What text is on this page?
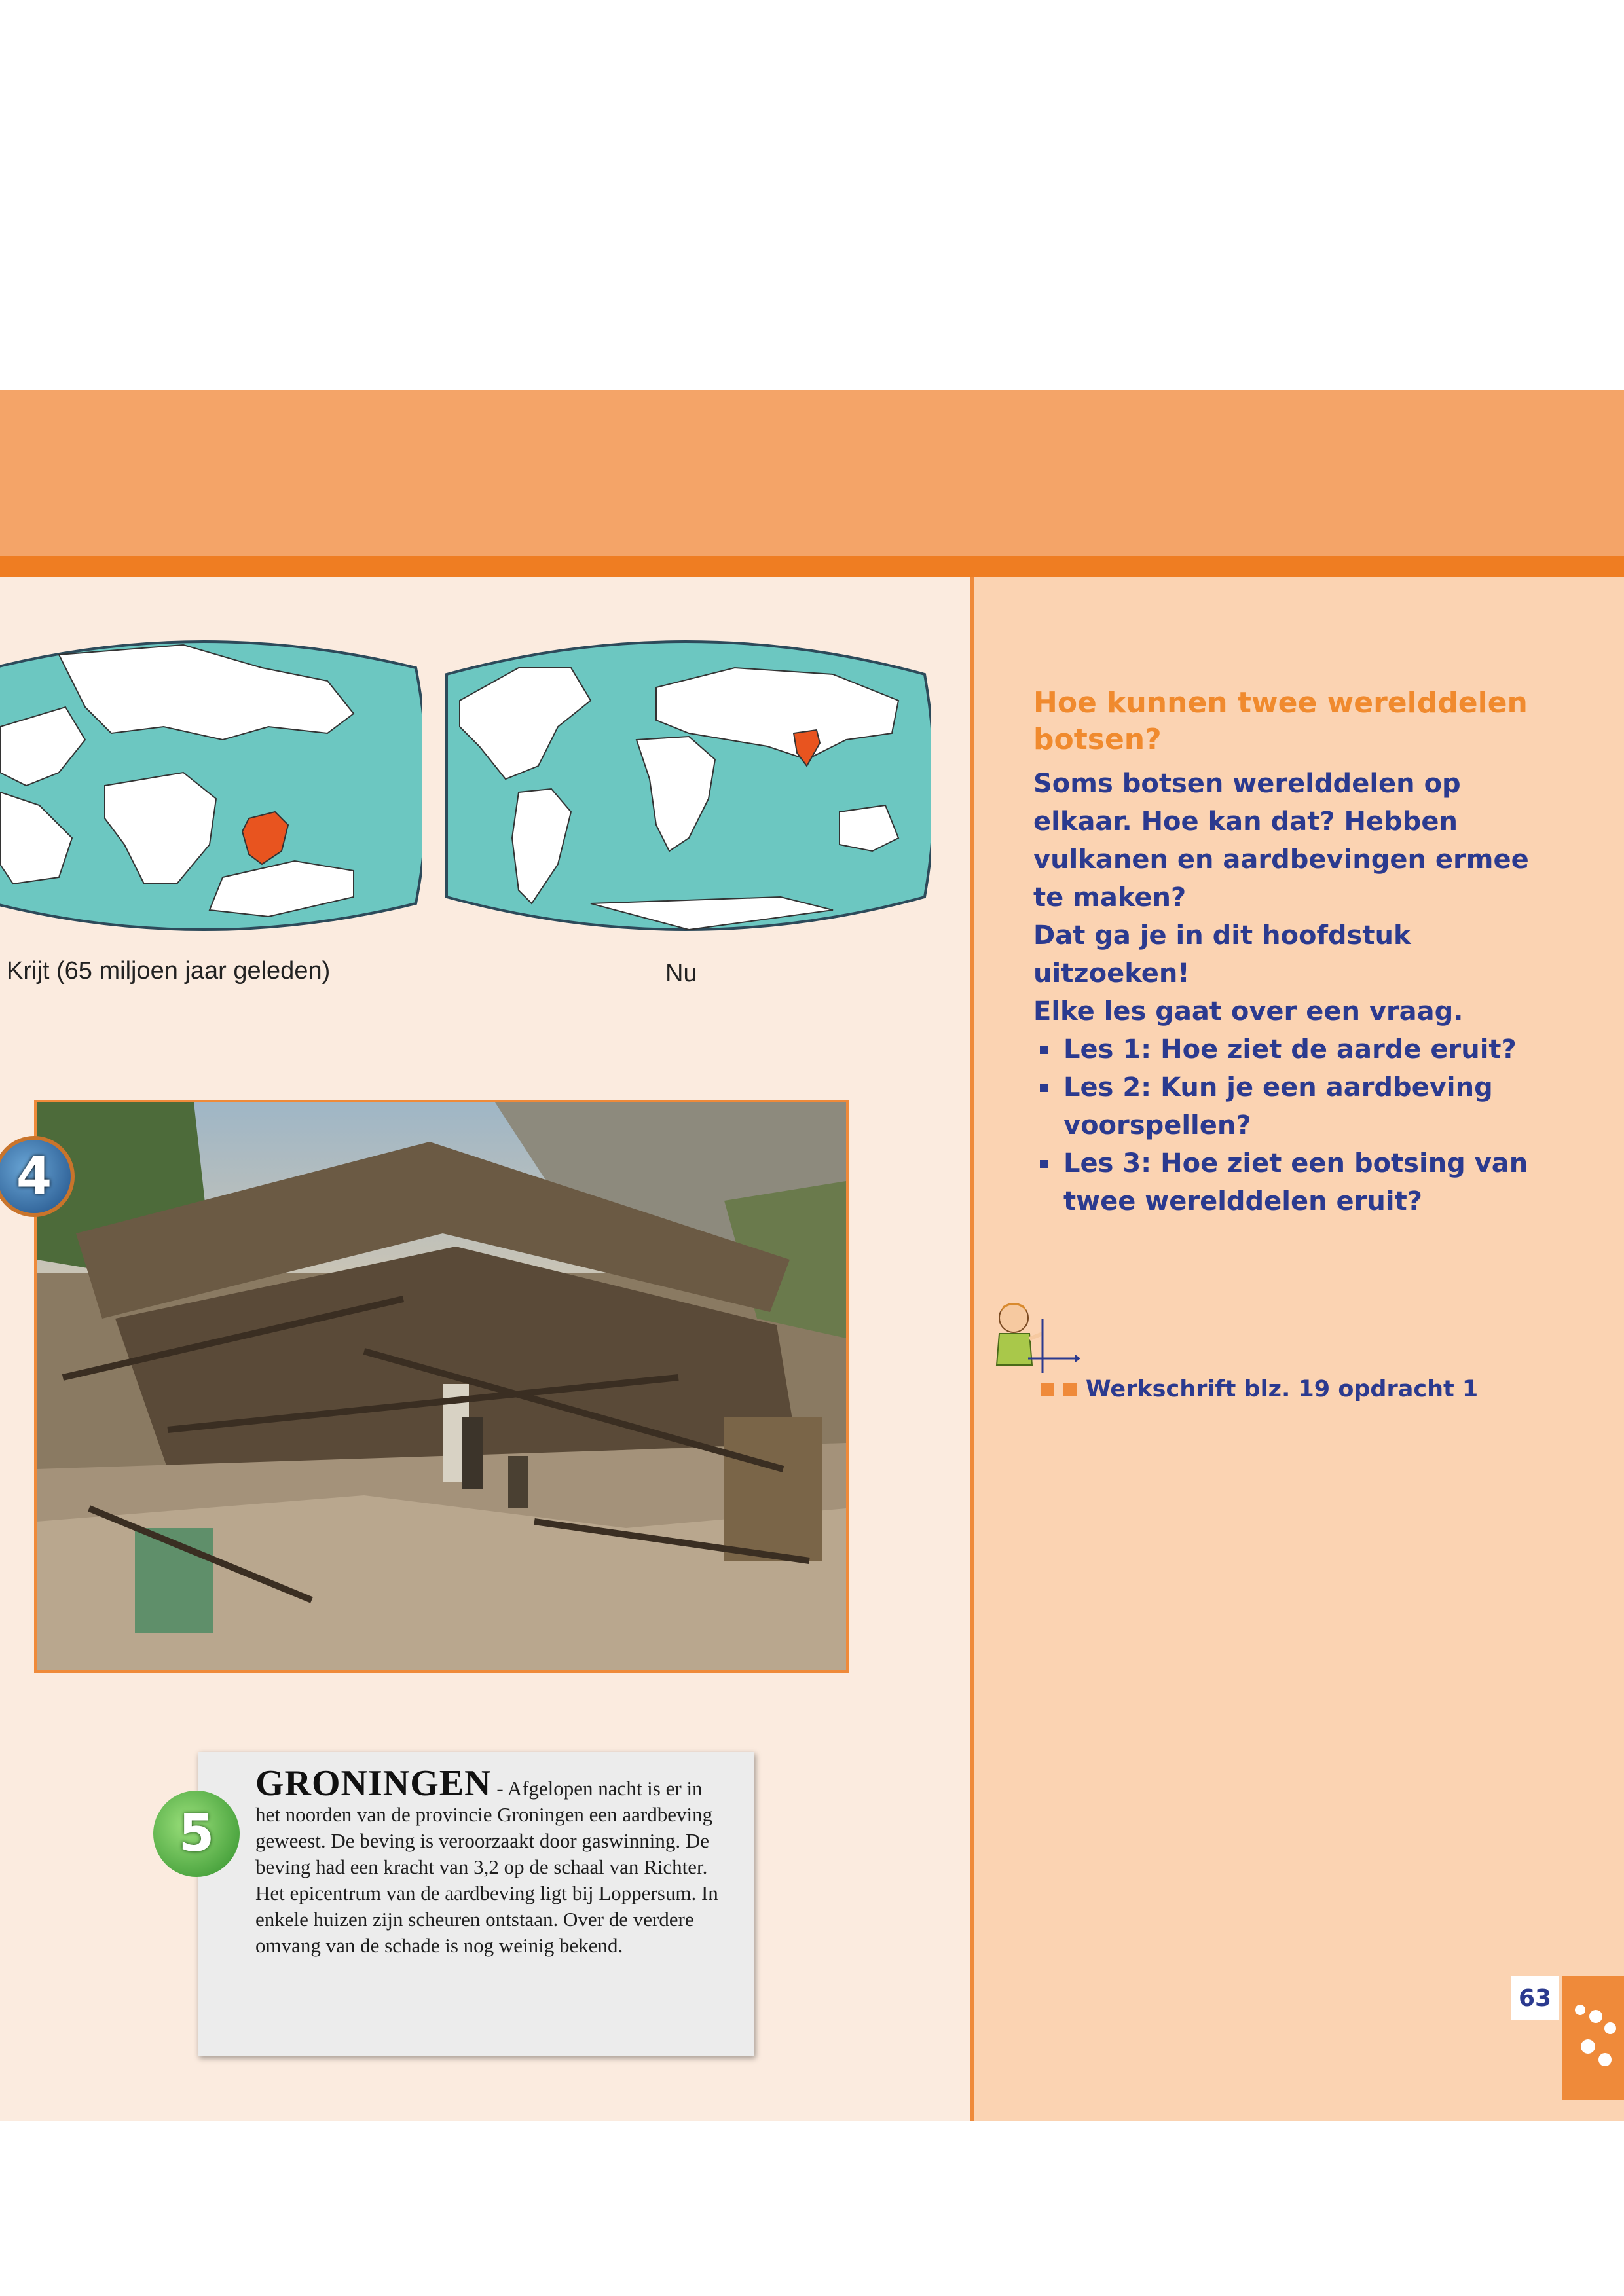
Krijt (65 miljoen jaar geleden)	Nu
4
GRONINGEN - Afgelopen nacht is er in het noorden van de provincie Groningen een aardbeving geweest. De beving is veroorzaakt door gaswinning. De beving had een kracht van 3,2 op de schaal van Richter. Het epicentrum van de aardbeving ligt bij Loppersum. In enkele huizen zijn scheuren ontstaan. Over de verdere omvang van de schade is nog weinig bekend.
5
Hoe kunnen twee werelddelen botsen?

Soms botsen werelddelen op elkaar. Hoe kan dat? Hebben vulkanen en aardbevingen ermee te maken?

Dat ga je in dit hoofdstuk uitzoeken!

Elke les gaat over een vraag.

Les 1: Hoe ziet de aarde eruit?
Les 2: Kun je een aardbeving voorspellen?
Les 3: Hoe ziet een botsing van twee werelddelen eruit?
Werkschrift blz. 19 opdracht 1
63
